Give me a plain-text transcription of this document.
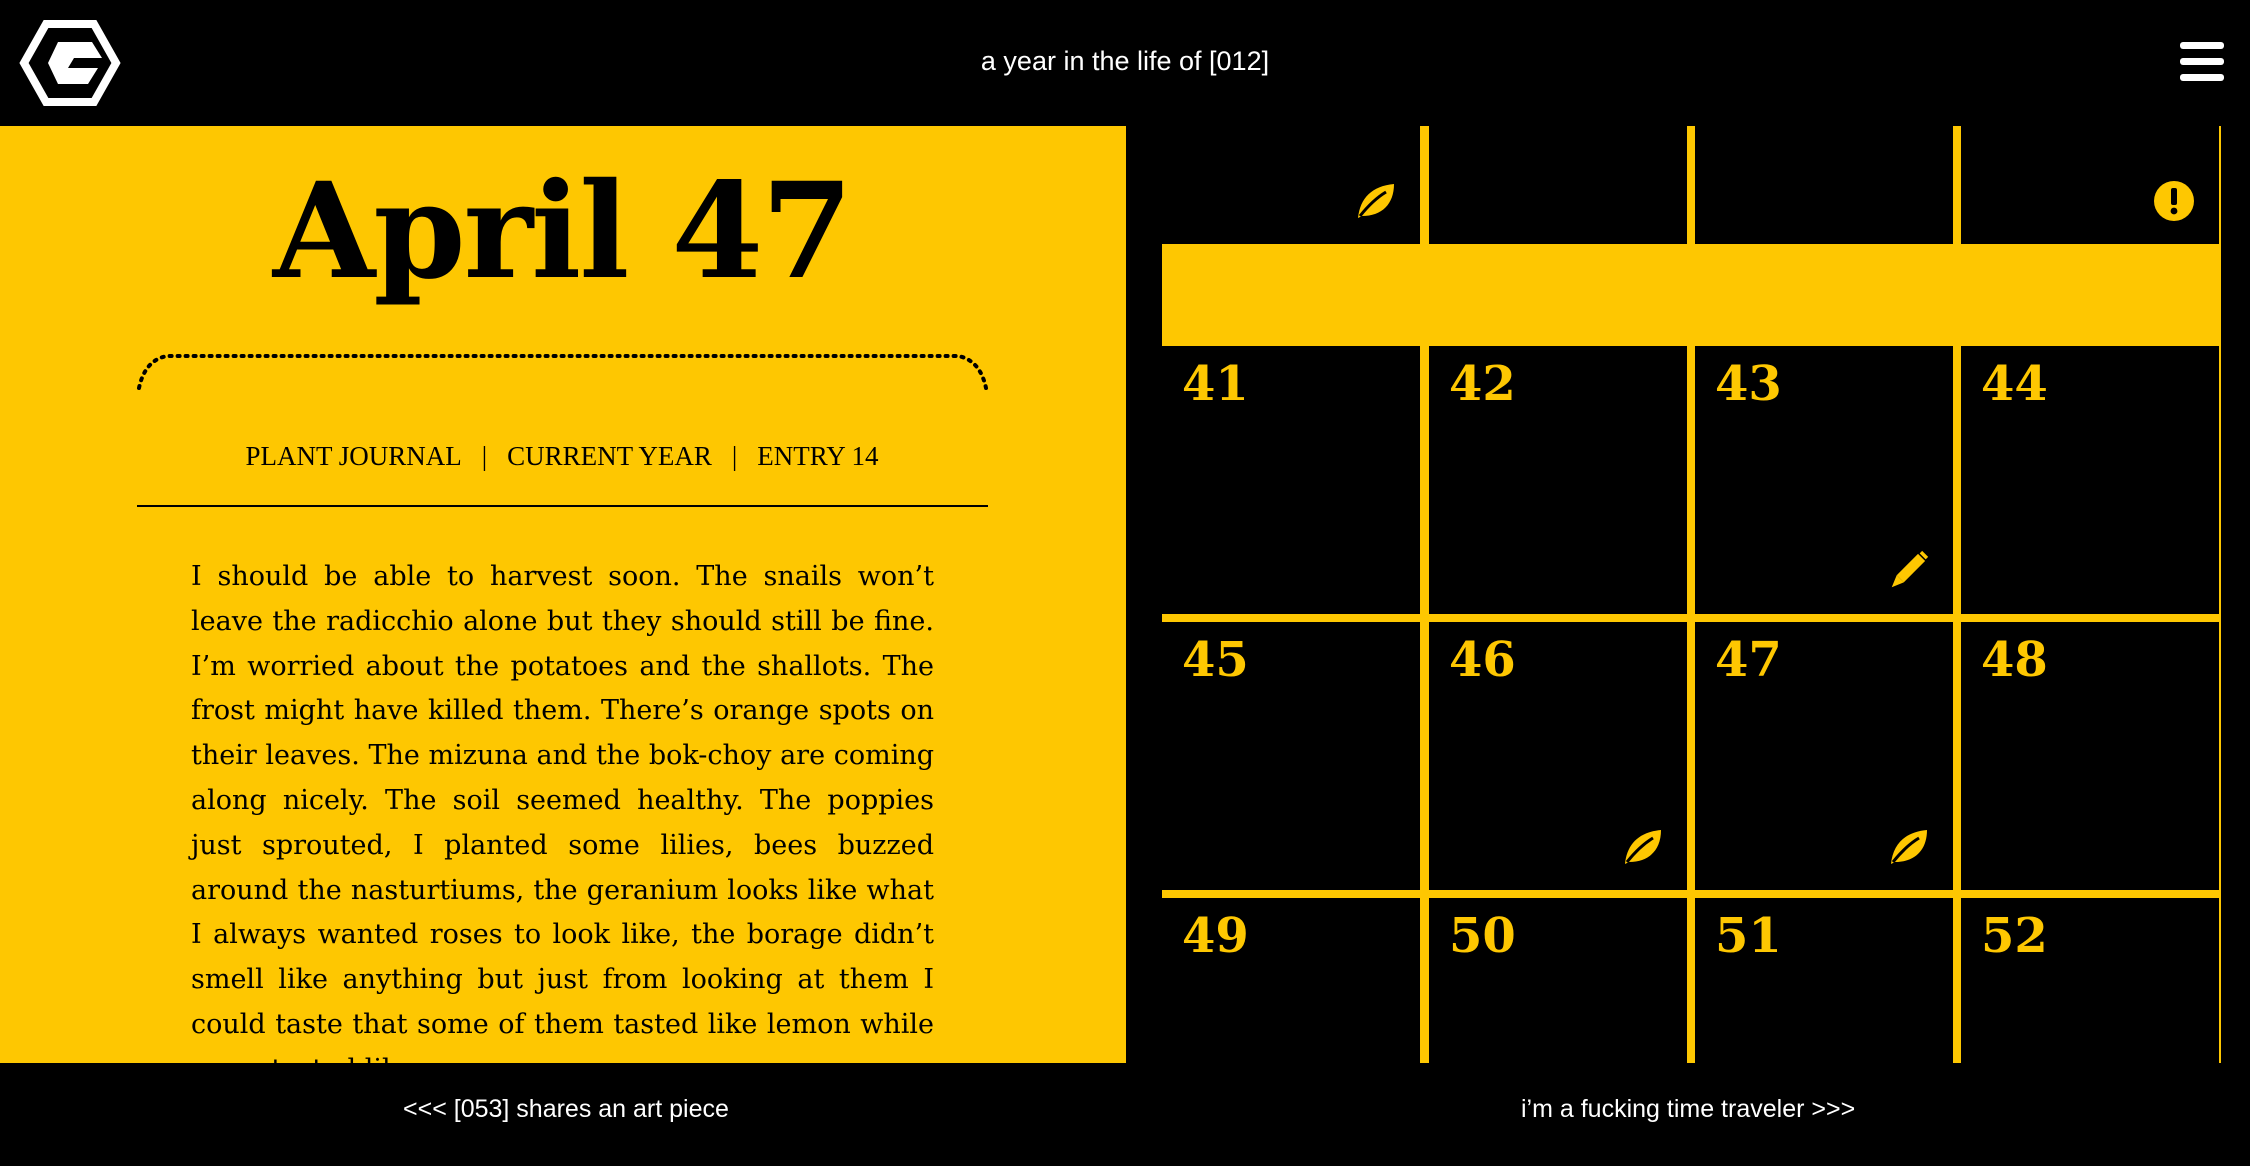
a year in the life of [012]
April 47
PLANT JOURNAL | CURRENT YEAR | ENTRY 14
I should be able to harvest soon. The snails won’t leave the radicchio alone but they should still be fine. I’m worried about the potatoes and the shallots. The frost might have killed them. There’s orange spots on their leaves. The mizuna and the bok-choy are coming along nicely. The soil seemed healthy. The poppies just sprouted, I planted some lilies, bees buzzed around the nasturtiums, the geranium looks like what I always wanted roses to look like, the borage didn’t smell like anything but just from looking at them I could taste that some of them tasted like lemon while
41	42	43	44
45	46	47	48
49	50	51	52
<<< [053] shares an art piece	i’m a fucking time traveler >>>
